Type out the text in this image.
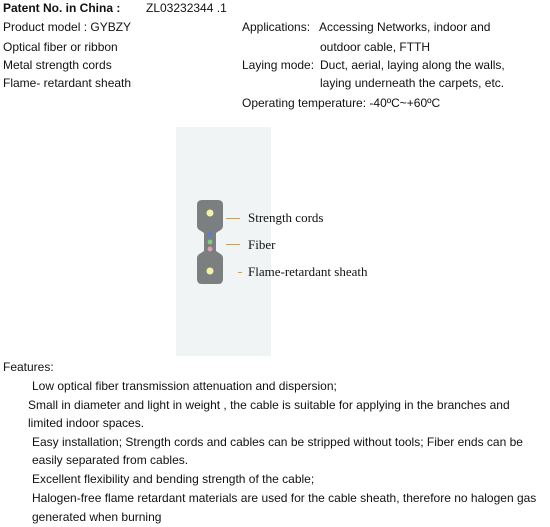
Patent No. in China : ZL03232344 .1
Product model : GYBZY
Optical fiber or ribbon
Metal strength cords
Flame- retardant sheath
Applications: Accessing Networks, indoor and
outdoor cable, FTTH
Laying mode: Duct, aerial, laying along the walls,
laying underneath the carpets, etc.
Operating temperature: -40ºC~+60ºC
Strength cords
Fiber
Flame-retardant sheath
Features:
Low optical fiber transmission attenuation and dispersion;
Small in diameter and light in weight , the cable is suitable for applying in the branches and
limited indoor spaces.
Easy installation; Strength cords and cables can be stripped without tools; Fiber ends can be
easily separated from cables.
Excellent flexibility and bending strength of the cable;
Halogen-free flame retardant materials are used for the cable sheath, therefore no halogen gas
generated when burning
